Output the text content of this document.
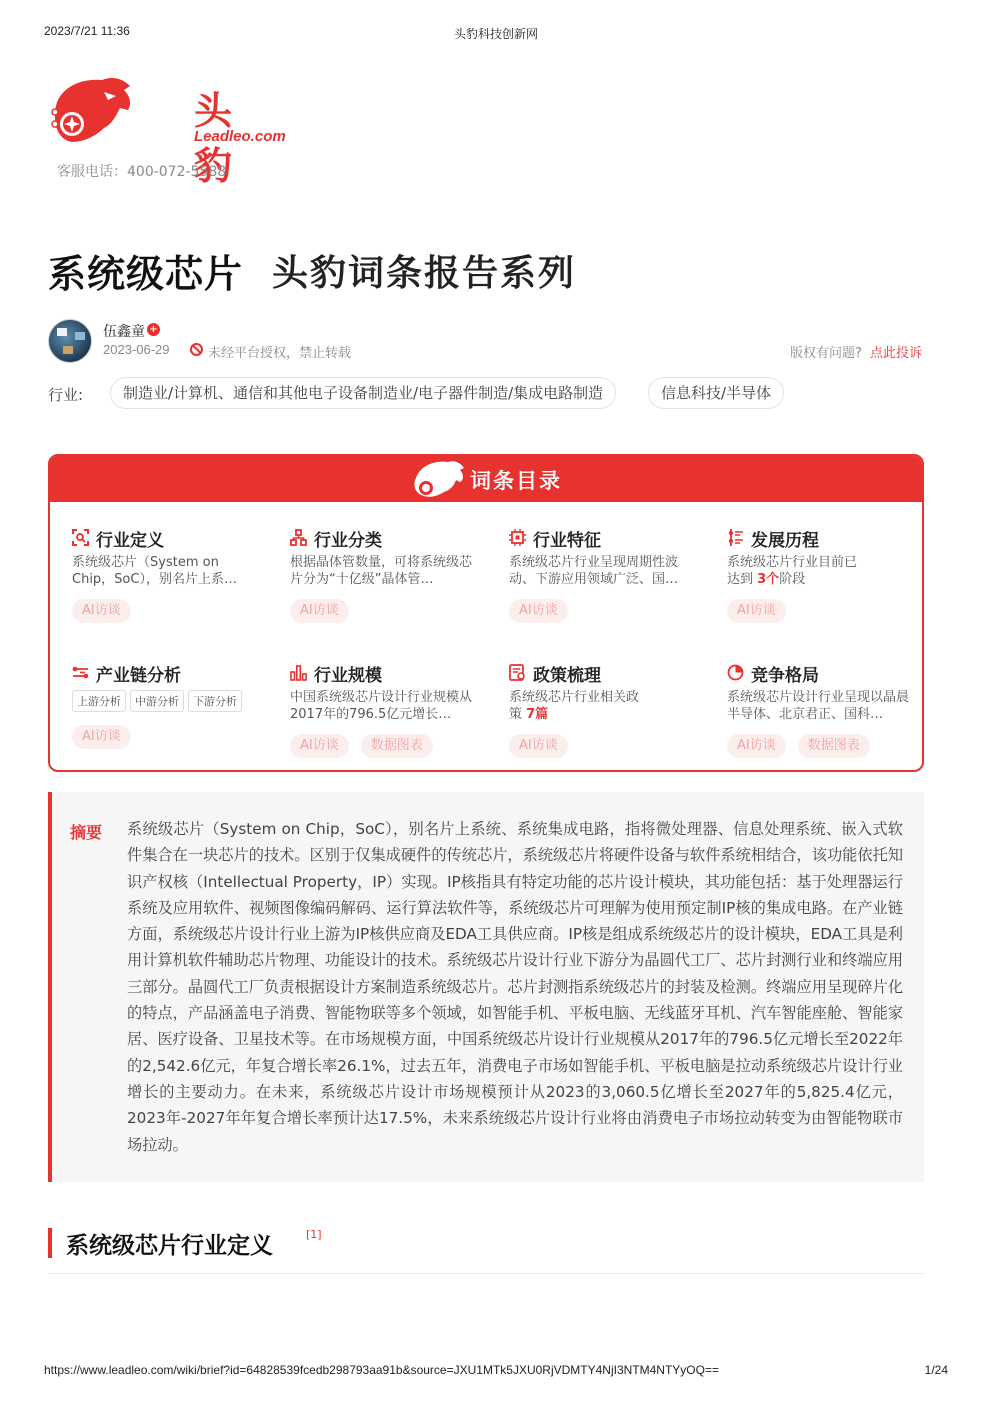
2023/7/21 11:36	头豹科技创新网
头豹
Leadleo.com
客服电话：400-072-5588
系统级芯片 头豹词条报告系列
伍鑫童 +
2023-06-29	未经平台授权，禁止转载	版权有问题? 点此投诉
行业:	制造业/计算机、通信和其他电子设备制造业/电子器件制造/集成电路制造	信息科技/半导体
词条目录
行业定义
系统级芯片（System on Chip，SoC），别名片上系…
AI访谈
行业分类
根据晶体管数量，可将系统级芯片分为“十亿级”晶体管…
AI访谈
行业特征
系统级芯片行业呈现周期性波动、下游应用领域广泛、国…
AI访谈
发展历程
系统级芯片行业目前已达到 3个阶段
AI访谈
产业链分析
上游分析 中游分析 下游分析
AI访谈
行业规模
中国系统级芯片设计行业规模从2017年的796.5亿元增长…
AI访谈 数据图表
政策梳理
系统级芯片行业相关政策 7篇
AI访谈
竞争格局
系统级芯片设计行业呈现以晶晨半导体、北京君正、国科…
AI访谈 数据图表
摘要 系统级芯片（System on Chip，SoC），别名片上系统、系统集成电路，指将微处理器、信息处理系统、嵌入式软件集合在一块芯片的技术。区别于仅集成硬件的传统芯片，系统级芯片将硬件设备与软件系统相结合，该功能依托知识产权核（Intellectual Property，IP）实现。IP核指具有特定功能的芯片设计模块，其功能包括：基于处理器运行系统及应用软件、视频图像编码解码、运行算法软件等，系统级芯片可理解为使用预定制IP核的集成电路。在产业链方面，系统级芯片设计行业上游为IP核供应商及EDA工具供应商。IP核是组成系统级芯片的设计模块，EDA工具是利用计算机软件辅助芯片物理、功能设计的技术。系统级芯片设计行业下游分为晶圆代工厂、芯片封测行业和终端应用三部分。晶圆代工厂负责根据设计方案制造系统级芯片。芯片封测指系统级芯片的封装及检测。终端应用呈现碎片化的特点，产品涵盖电子消费、智能物联等多个领域，如智能手机、平板电脑、无线蓝牙耳机、汽车智能座舱、智能家居、医疗设备、卫星技术等。在市场规模方面，中国系统级芯片设计行业规模从2017年的796.5亿元增长至2022年的2,542.6亿元，年复合增长率26.1%，过去五年，消费电子市场如智能手机、平板电脑是拉动系统级芯片设计行业增长的主要动力。在未来，系统级芯片设计市场规模预计从2023的3,060.5亿增长至2027年的5,825.4亿元，2023年-2027年年复合增长率预计达17.5%，未来系统级芯片设计行业将由消费电子市场拉动转变为由智能物联市场拉动。
系统级芯片行业定义	[1]
https://www.leadleo.com/wiki/brief?id=64828539fcedb298793aa91b&source=JXU1MTk5JXU0RjVDMTY4NjI3NTM4NTYyOQ==	1/24
